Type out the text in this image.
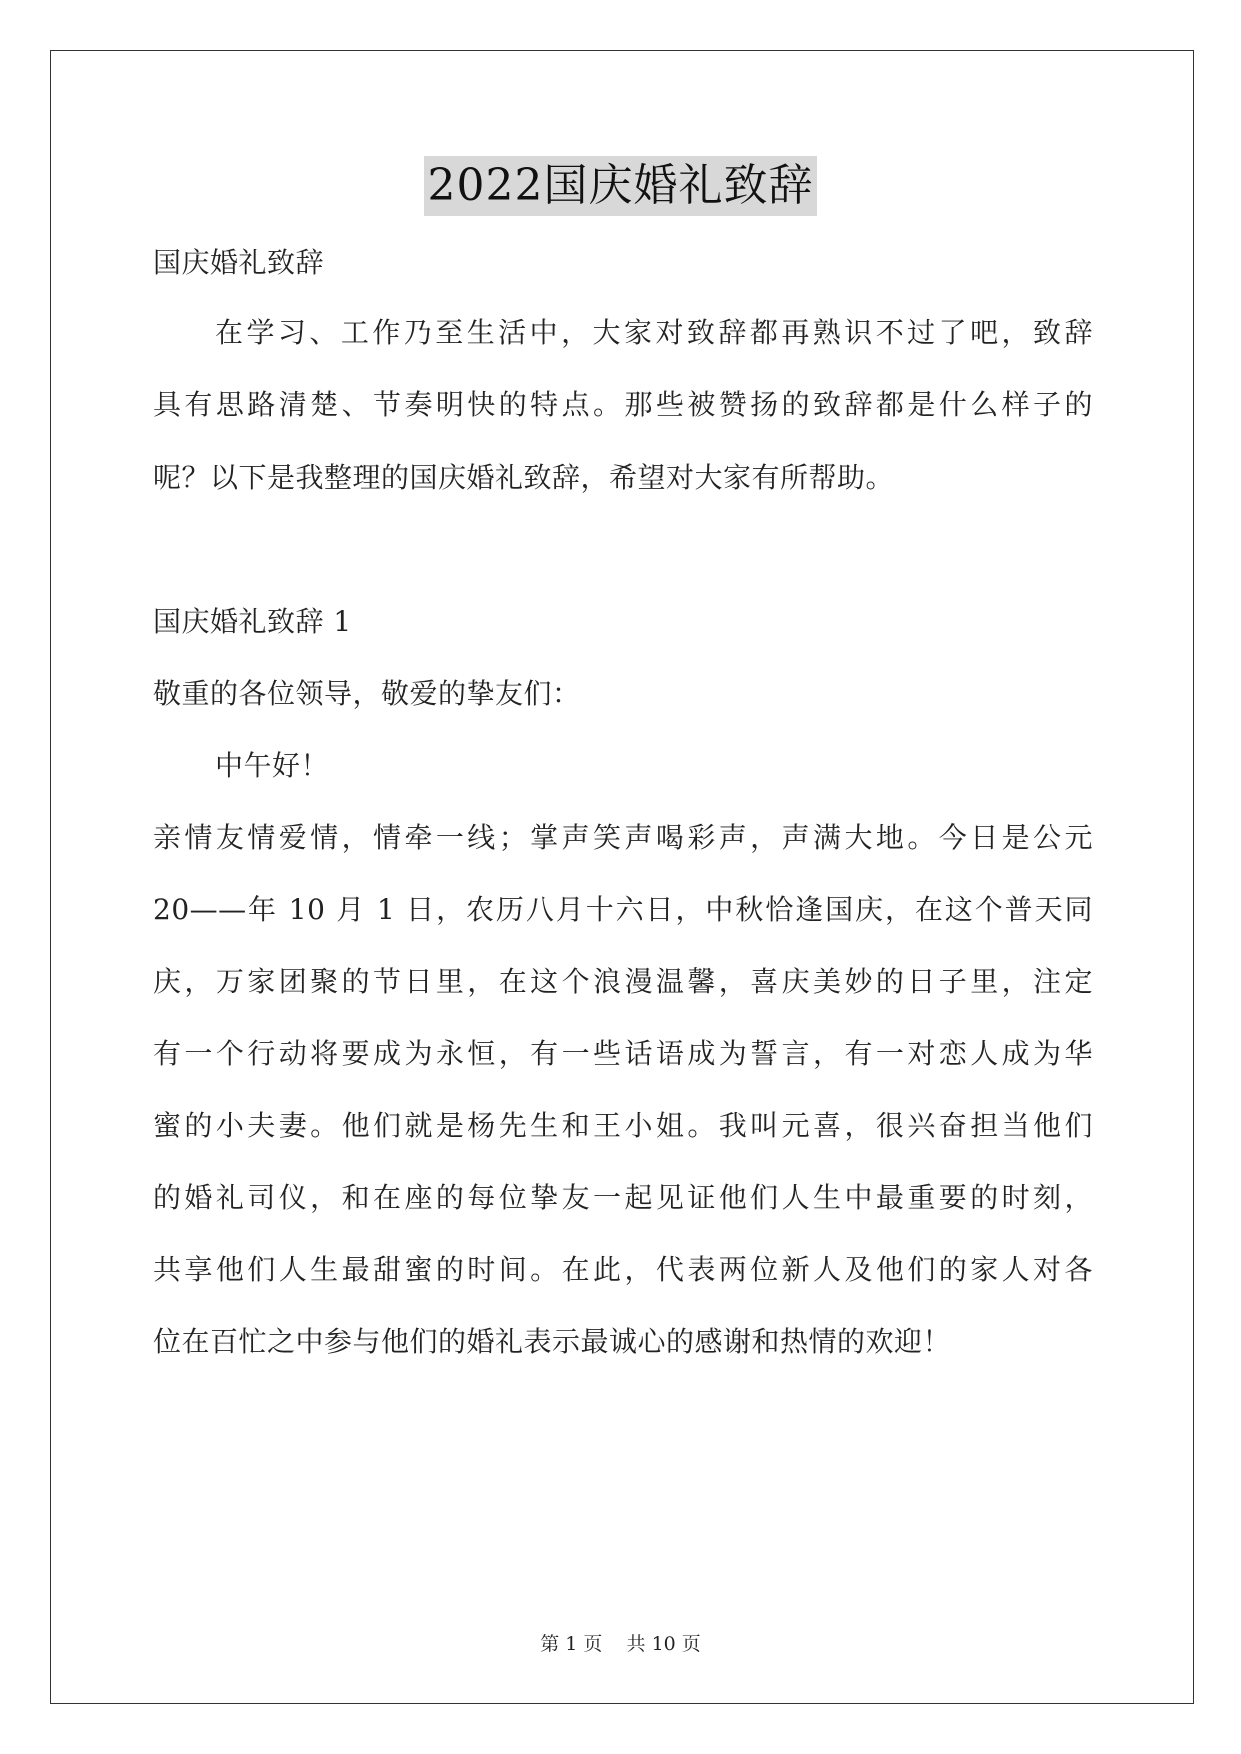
2022国庆婚礼致辞
国庆婚礼致辞
在学习、工作乃至生活中，大家对致辞都再熟识不过了吧，致辞
具有思路清楚、节奏明快的特点。那些被赞扬的致辞都是什么样子的
呢？以下是我整理的国庆婚礼致辞，希望对大家有所帮助。
国庆婚礼致辞 1
敬重的各位领导，敬爱的挚友们：
中午好！
亲情友情爱情，情牵一线；掌声笑声喝彩声，声满大地。今日是公元
20——年 10 月 1 日，农历八月十六日，中秋恰逢国庆，在这个普天同
庆，万家团聚的节日里，在这个浪漫温馨，喜庆美妙的日子里，注定
有一个行动将要成为永恒，有一些话语成为誓言，有一对恋人成为华
蜜的小夫妻。他们就是杨先生和王小姐。我叫元喜，很兴奋担当他们
的婚礼司仪，和在座的每位挚友一起见证他们人生中最重要的时刻，
共享他们人生最甜蜜的时间。在此，代表两位新人及他们的家人对各
位在百忙之中参与他们的婚礼表示最诚心的感谢和热情的欢迎！
第 1 页 共 10 页
